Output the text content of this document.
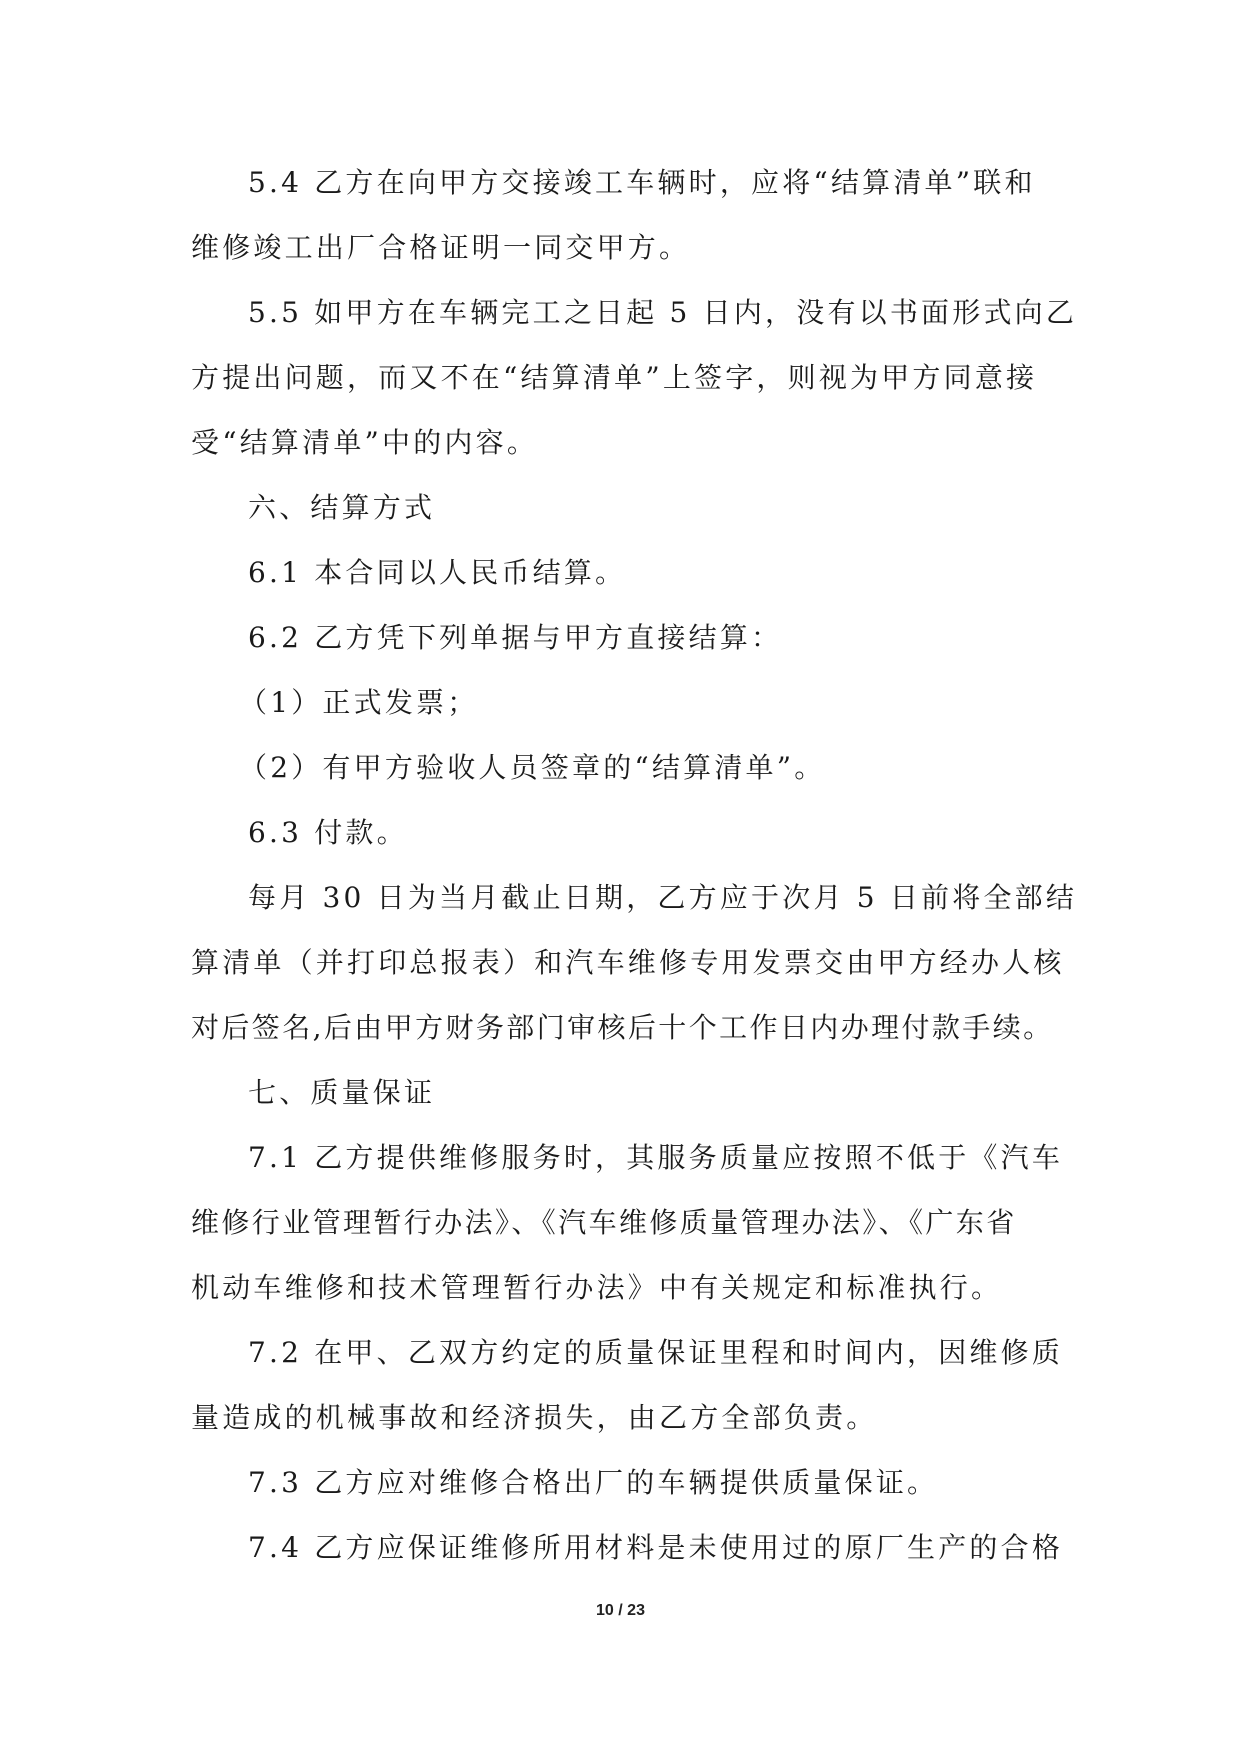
5.4 乙方在向甲方交接竣工车辆时，应将“结算清单”联和
维修竣工出厂合格证明一同交甲方。
5.5 如甲方在车辆完工之日起 5 日内，没有以书面形式向乙
方提出问题，而又不在“结算清单”上签字，则视为甲方同意接
受“结算清单”中的内容。
六、结算方式
6.1 本合同以人民币结算。
6.2 乙方凭下列单据与甲方直接结算：
（1）正式发票；
（2）有甲方验收人员签章的“结算清单”。
6.3 付款。
每月 30 日为当月截止日期，乙方应于次月 5 日前将全部结
算清单（并打印总报表）和汽车维修专用发票交由甲方经办人核
对后签名,后由甲方财务部门审核后十个工作日内办理付款手续。
七、质量保证
7.1 乙方提供维修服务时，其服务质量应按照不低于《汽车
维修行业管理暂行办法》、《汽车维修质量管理办法》、《广东省
机动车维修和技术管理暂行办法》中有关规定和标准执行。
7.2 在甲、乙双方约定的质量保证里程和时间内，因维修质
量造成的机械事故和经济损失，由乙方全部负责。
7.3 乙方应对维修合格出厂的车辆提供质量保证。
7.4 乙方应保证维修所用材料是未使用过的原厂生产的合格
10 / 23
